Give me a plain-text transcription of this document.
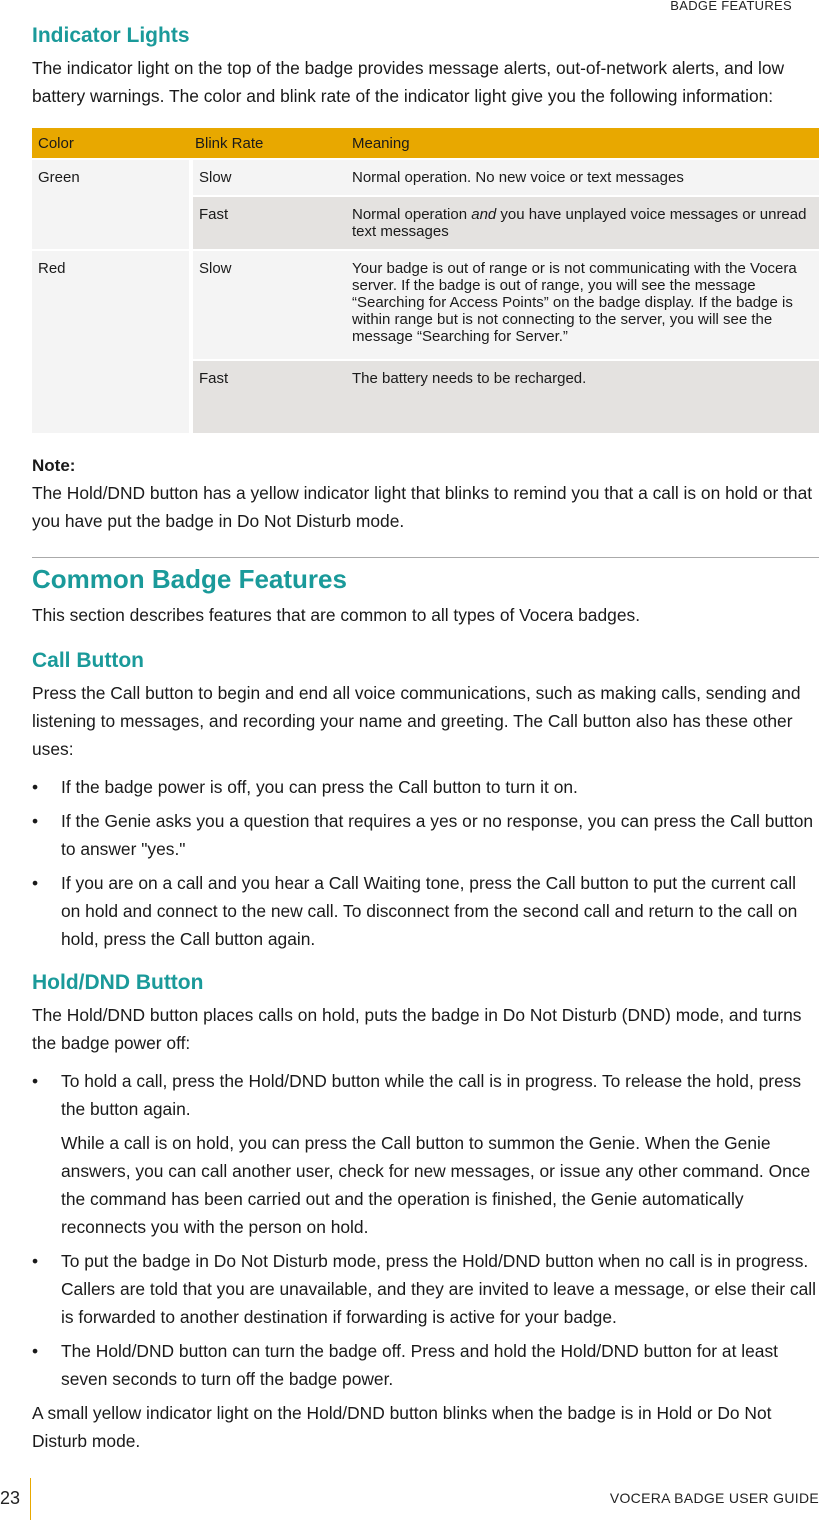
BADGE FEATURES
Indicator Lights

The indicator light on the top of the badge provides message alerts, out-of-network alerts, and low battery warnings. The color and blink rate of the indicator light give you the following information:

Color	Blink Rate	Meaning
Green	Slow	Normal operation. No new voice or text messages
	Fast	Normal operation and you have unplayed voice messages or unread text messages
Red	Slow	Your badge is out of range or is not communicating with the Vocera server. If the badge is out of range, you will see the message “Searching for Access Points” on the badge display. If the badge is within range but is not connecting to the server, you will see the message “Searching for Server.”
	Fast	The battery needs to be recharged.
Note:

The Hold/DND button has a yellow indicator light that blinks to remind you that a call is on hold or that you have put the badge in Do Not Disturb mode.

Common Badge Features

This section describes features that are common to all types of Vocera badges.

Call Button

Press the Call button to begin and end all voice communications, such as making calls, sending and listening to messages, and recording your name and greeting. The Call button also has these other uses:

• If the badge power is off, you can press the Call button to turn it on.
• If the Genie asks you a question that requires a yes or no response, you can press the Call button to answer "yes."
• If you are on a call and you hear a Call Waiting tone, press the Call button to put the current call on hold and connect to the new call. To disconnect from the second call and return to the call on hold, press the Call button again.
Hold/DND Button

The Hold/DND button places calls on hold, puts the badge in Do Not Disturb (DND) mode, and turns the badge power off:

• To hold a call, press the Hold/DND button while the call is in progress. To release the hold, press the button again.

While a call is on hold, you can press the Call button to summon the Genie. When the Genie answers, you can call another user, check for new messages, or issue any other command. Once the command has been carried out and the operation is finished, the Genie automatically reconnects you with the person on hold.

• To put the badge in Do Not Disturb mode, press the Hold/DND button when no call is in progress. Callers are told that you are unavailable, and they are invited to leave a message, or else their call is forwarded to another destination if forwarding is active for your badge.
• The Hold/DND button can turn the badge off. Press and hold the Hold/DND button for at least seven seconds to turn off the badge power.

A small yellow indicator light on the Hold/DND button blinks when the badge is in Hold or Do Not Disturb mode.

23	VOCERA BADGE USER GUIDE
